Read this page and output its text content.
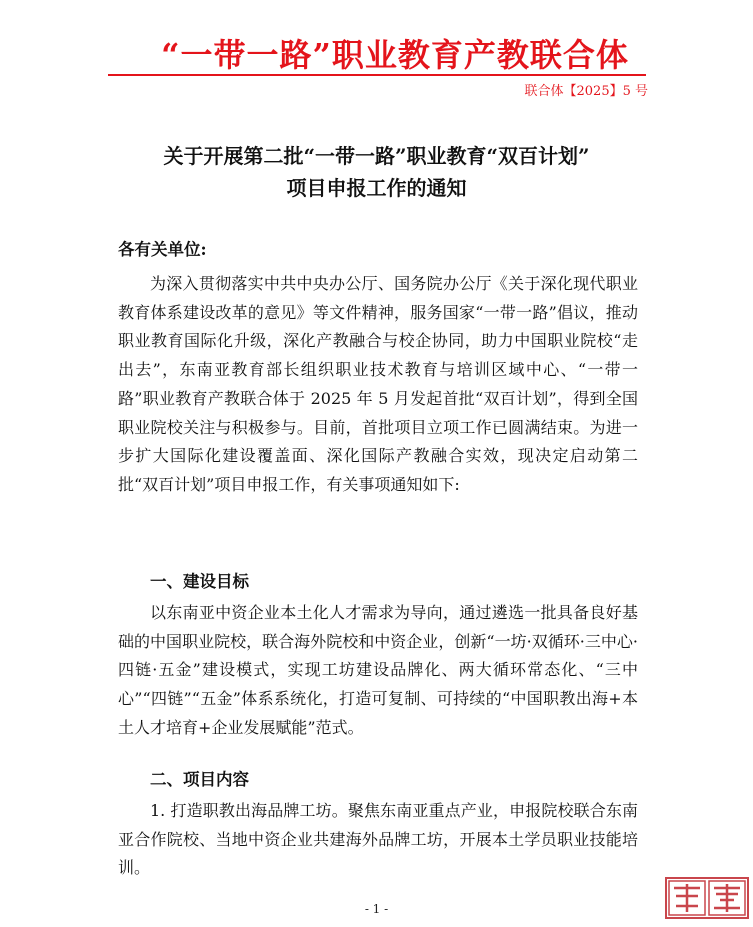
“一带一路”职业教育产教联合体
联合体【2025】5 号
关于开展第二批“一带一路”职业教育“双百计划”
项目申报工作的通知
各有关单位:

为深入贯彻落实中共中央办公厅、国务院办公厅《关于深化现代职业教育体系建设改革的意见》等文件精神，服务国家“一带一路”倡议，推动职业教育国际化升级，深化产教融合与校企协同，助力中国职业院校“走出去”，东南亚教育部长组织职业技术教育与培训区域中心、“一带一路”职业教育产教联合体于 2025 年 5 月发起首批“双百计划”，得到全国职业院校关注与积极参与。目前，首批项目立项工作已圆满结束。为进一步扩大国际化建设覆盖面、深化国际产教融合实效，现决定启动第二批“双百计划”项目申报工作，有关事项通知如下:

一、建设目标

以东南亚中资企业本土化人才需求为导向，通过遴选一批具备良好基础的中国职业院校，联合海外院校和中资企业，创新“一坊·双循环·三中心·四链·五金”建设模式，实现工坊建设品牌化、两大循环常态化、“三中心”“四链”“五金”体系系统化，打造可复制、可持续的“中国职教出海+本土人才培育+企业发展赋能”范式。

二、项目内容

1. 打造职教出海品牌工坊。聚焦东南亚重点产业，申报院校联合东南亚合作院校、当地中资企业共建海外品牌工坊，开展本土学员职业技能培训。

- 1 -
